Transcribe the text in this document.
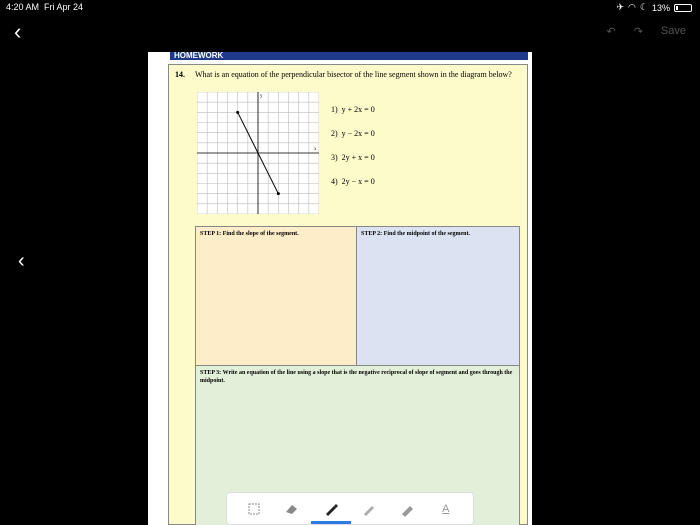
4:20 AM Fri Apr 24	✈ ◠ ☾ 13%
‹	↶ ↷ Save
‹
HOMEWORK
14. What is an equation of the perpendicular bisector of the line segment shown in the diagram below?
x
y
1) y + 2x = 0
2) y − 2x = 0
3) 2y + x = 0
4) 2y − x = 0
STEP 1: Find the slope of the segment.	STEP 2: Find the midpoint of the segment.
STEP 3: Write an equation of the line using a slope that is the negative reciprocal of slope of segment and goes through the midpoint.
A
